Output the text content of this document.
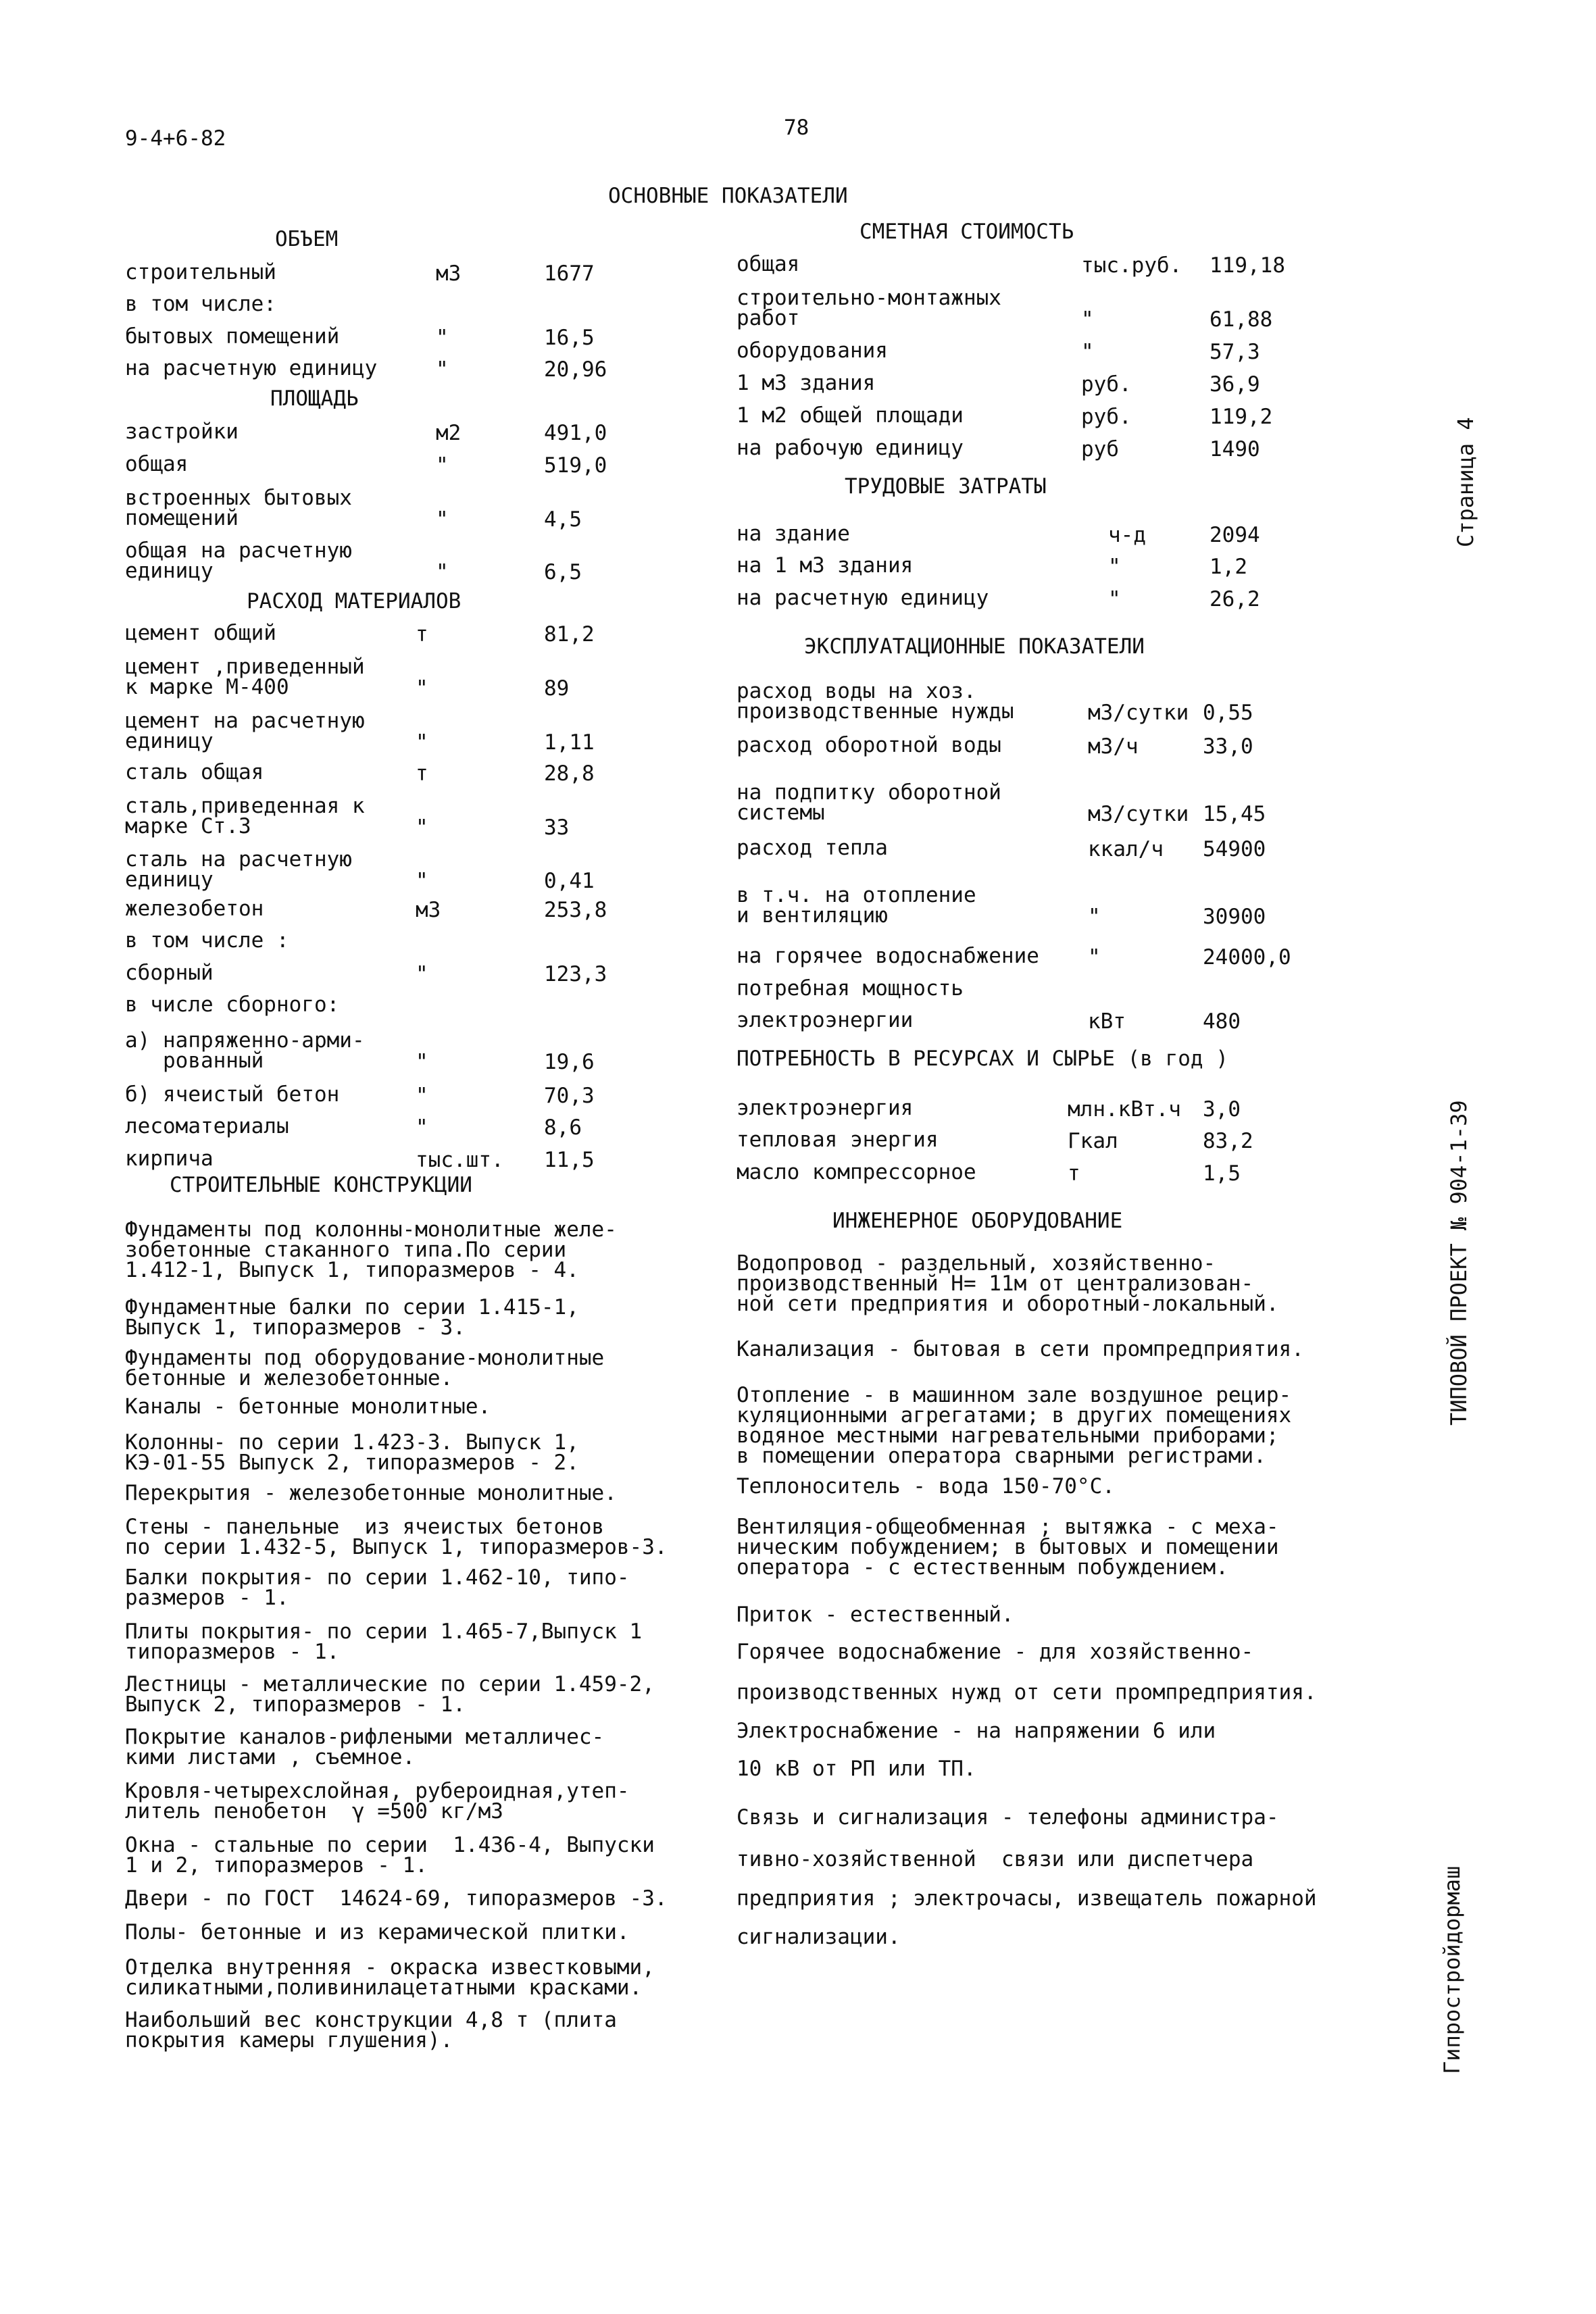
9-4+6-82	78
ОСНОВНЫЕ ПОКАЗАТЕЛИ
ОБЪЕМ
строительный	м3	1677
в том числе:
бытовых помещений	"	16,5
на расчетную единицу	"	20,96
ПЛОЩАДЬ
застройки	м2	491,0
общая	"	519,0
встроенных бытовых
помещений	"	4,5
общая на расчетную
единицу	"	6,5
РАСХОД МАТЕРИАЛОВ
цемент общий	т	81,2
цемент ,приведенный
к марке М-400	"	89
цемент на расчетную
единицу	"	1,11
сталь общая	т	28,8
сталь,приведенная к
марке Ст.3	"	33
сталь на расчетную
единицу	"	0,41
железобетон	м3	253,8
в том числе :
сборный	"	123,3
в числе сборного:
а) напряженно-арми-
рованный	"	19,6
б) ячеистый бетон	"	70,3
лесоматериалы	"	8,6
кирпича	тыс.шт. 11,5
СТРОИТЕЛЬНЫЕ КОНСТРУКЦИИ
Фундаменты под колонны-монолитные желе-
зобетонные стаканного типа.По серии
1.412-1, Выпуск 1, типоразмеров - 4.
Фундаментные балки по серии 1.415-1,
Выпуск 1, типоразмеров - 3.
Фундаменты под оборудование-монолитные
бетонные и железобетонные.
Каналы - бетонные монолитные.
Колонны- по серии 1.423-3. Выпуск 1,
КЭ-01-55 Выпуск 2, типоразмеров - 2.
Перекрытия - железобетонные монолитные.
Стены - панельные  из ячеистых бетонов
по серии 1.432-5, Выпуск 1, типоразмеров-3.
Балки покрытия- по серии 1.462-10, типо-
размеров - 1.
Плиты покрытия- по серии 1.465-7,Выпуск 1
типоразмеров - 1.
Лестницы - металлические по серии 1.459-2,
Выпуск 2, типоразмеров - 1.
Покрытие каналов-рифлеными металличес-
кими листами , съемное.
Кровля-четырехслойная, рубероидная,утеп-
литель пенобетон  γ =500 кг/м3
Окна - стальные по серии  1.436-4, Выпуски
1 и 2, типоразмеров - 1.
Двери - по ГОСТ  14624-69, типоразмеров -3.
Полы- бетонные и из керамической плитки.
Отделка внутренняя - окраска известковыми,
силикатными,поливинилацетатными красками.
Наибольший вес конструкции 4,8 т (плита
покрытия камеры глушения).
СМЕТНАЯ СТОИМОСТЬ
общая	тыс.руб. 119,18
строительно-монтажных
работ	"	61,88
оборудования	"	57,3
1 м3 здания	руб.	36,9
1 м2 общей площади	руб.	119,2
на рабочую единицу	руб	1490
ТРУДОВЫЕ ЗАТРАТЫ
на здание	ч-д	2094
на 1 м3 здания	"	1,2
на расчетную единицу	"	26,2
ЭКСПЛУАТАЦИОННЫЕ ПОКАЗАТЕЛИ
расход воды на хоз.
производственные нужды	м3/сутки 0,55
расход оборотной воды	м3/ч	33,0
на подпитку оборотной
системы	м3/сутки 15,45
расход тепла	ккал/ч 54900
в т.ч. на отопление
и вентиляцию	"	30900
на горячее водоснабжение "	24000,0
потребная мощность
электроэнергии	кВт	480
ПОТРЕБНОСТЬ В РЕСУРСАХ И СЫРЬЕ (в год )
электроэнергия	млн.кВт.ч 3,0
тепловая энергия	Гкал	83,2
масло компрессорное	т	1,5
ИНЖЕНЕРНОЕ ОБОРУДОВАНИЕ
Водопровод - раздельный, хозяйственно-
производственный Н= 11м от централизован-
ной сети предприятия и оборотный-локальный.
Канализация - бытовая в сети промпредприятия.
Отопление - в машинном зале воздушное рецир-
куляционными агрегатами; в других помещениях
водяное местными нагревательными приборами;
в помещении оператора сварными регистрами.
Теплоноситель - вода 150-70°С.
Вентиляция-общеобменная ; вытяжка - с меха-
ническим побуждением; в бытовых и помещении
оператора - с естественным побуждением.
Приток - естественный.
Горячее водоснабжение - для хозяйственно-
производственных нужд от сети промпредприятия.
Электроснабжение - на напряжении 6 или
10 кВ от РП или ТП.
Связь и сигнализация - телефоны администра-
тивно-хозяйственной  связи или диспетчера
предприятия ; электрочасы, извещатель пожарной
сигнализации.
Страница 4
ТИПОВОЙ ПРОЕКТ № 904-1-39
Гипростройдормаш
